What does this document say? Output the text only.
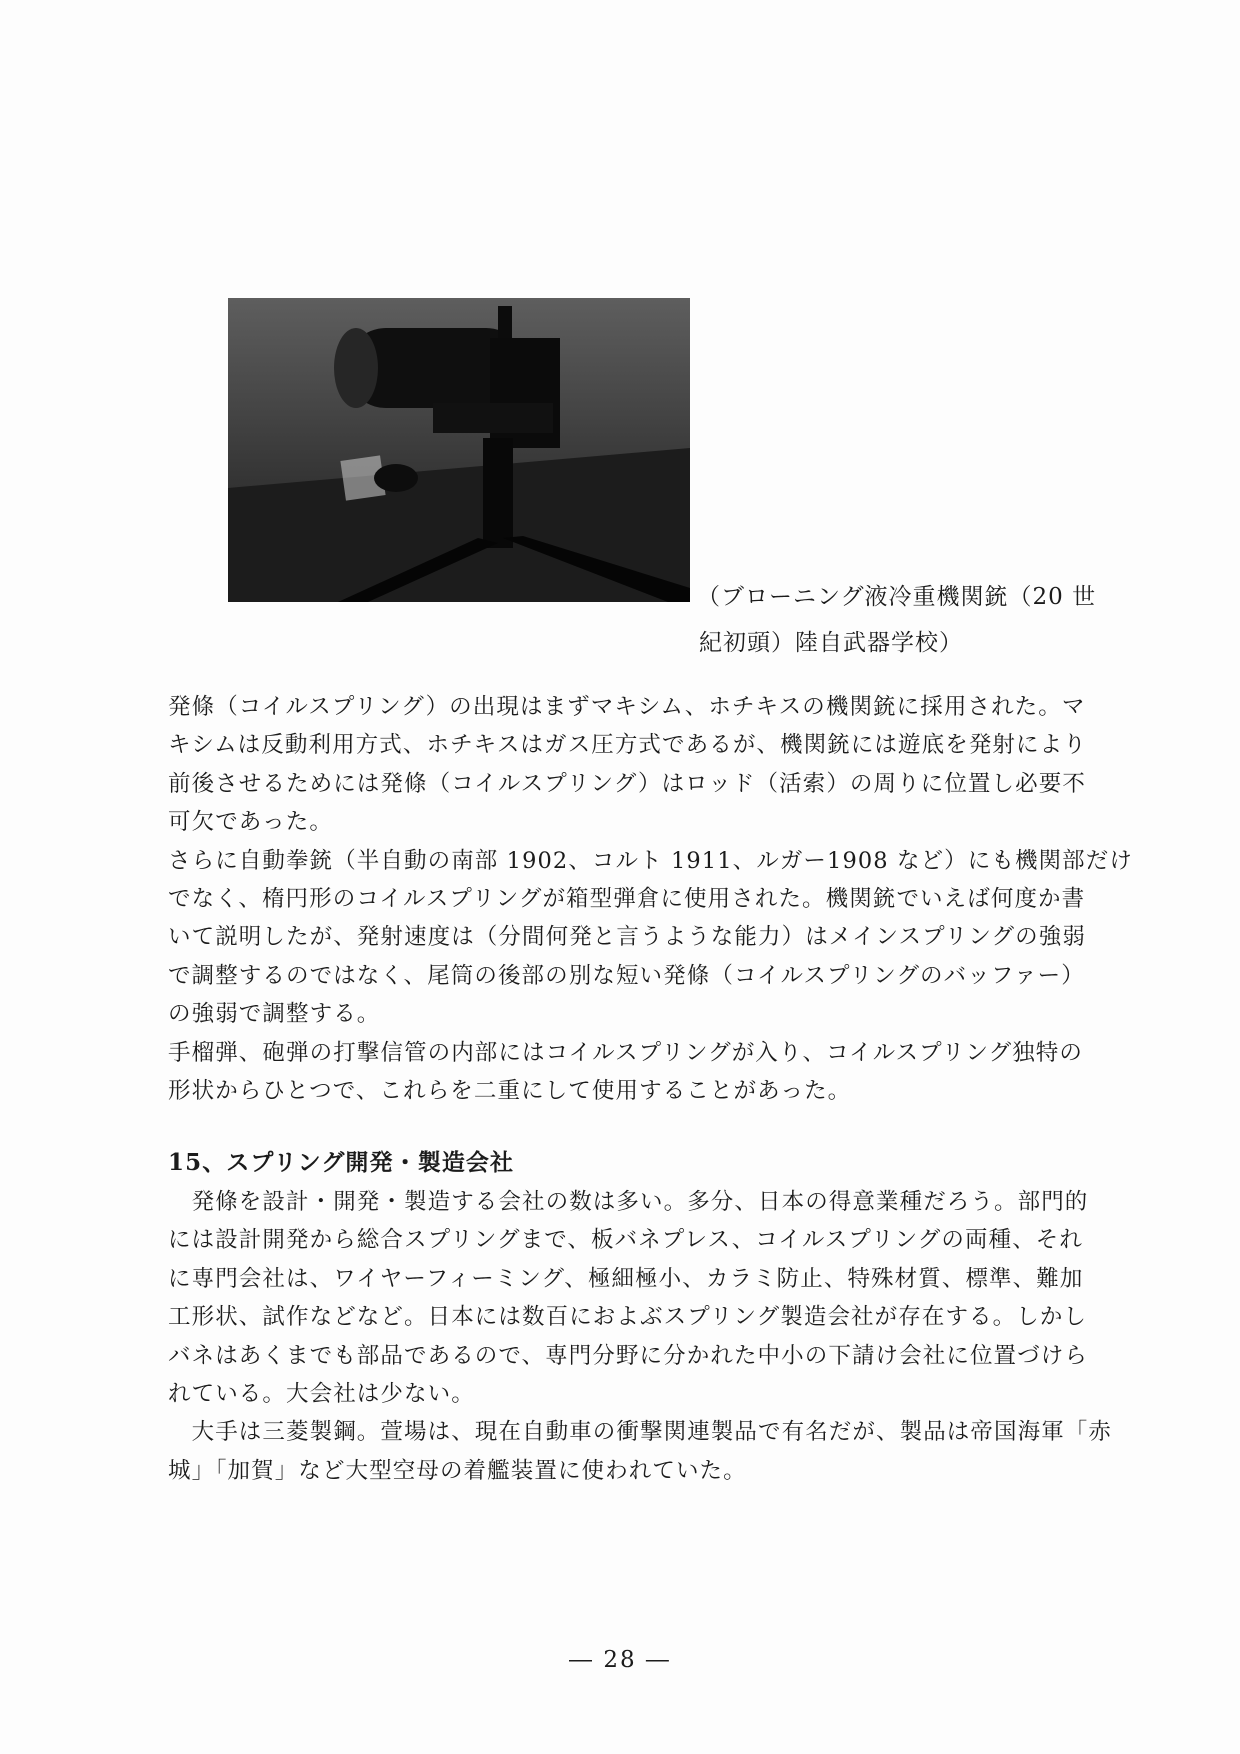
（ブローニング液冷重機関銃（20 世
紀初頭）陸自武器学校）
発條（コイルスプリング）の出現はまずマキシム、ホチキスの機関銃に採用された。マ
キシムは反動利用方式、ホチキスはガス圧方式であるが、機関銃には遊底を発射により
前後させるためには発條（コイルスプリング）はロッド（活索）の周りに位置し必要不
可欠であった。
さらに自動拳銃（半自動の南部 1902、コルト 1911、ルガー1908 など）にも機関部だけ
でなく、楕円形のコイルスプリングが箱型弾倉に使用された。機関銃でいえば何度か書
いて説明したが、発射速度は（分間何発と言うような能力）はメインスプリングの強弱
で調整するのではなく、尾筒の後部の別な短い発條（コイルスプリングのバッファー）
の強弱で調整する。
手榴弾、砲弾の打撃信管の内部にはコイルスプリングが入り、コイルスプリング独特の
形状からひとつで、これらを二重にして使用することがあった。
15、スプリング開発・製造会社
　発條を設計・開発・製造する会社の数は多い。多分、日本の得意業種だろう。部門的
には設計開発から総合スプリングまで、板バネプレス、コイルスプリングの両種、それ
に専門会社は、ワイヤーフィーミング、極細極小、カラミ防止、特殊材質、標準、難加
工形状、試作などなど。日本には数百におよぶスプリング製造会社が存在する。しかし
バネはあくまでも部品であるので、専門分野に分かれた中小の下請け会社に位置づけら
れている。大会社は少ない。
　大手は三菱製鋼。萱場は、現在自動車の衝撃関連製品で有名だが、製品は帝国海軍「赤
城」「加賀」など大型空母の着艦装置に使われていた。
― 28 ―
